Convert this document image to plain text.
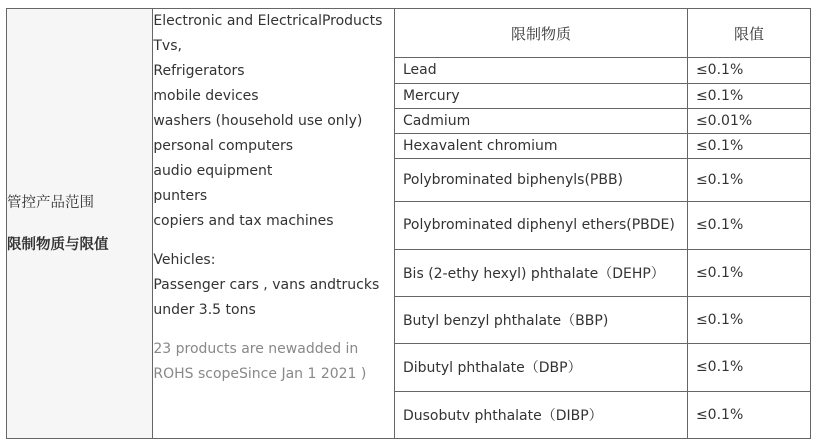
管控产品范围
限制物质与限值

Electronic and ElectricalProducts
Tvs,
Refrigerators
mobile devices
washers (household use only)
personal computers
audio equipment
punters
copiers and tax machines
Vehicles:
Passenger cars , vans andtrucks
under 3.5 tons
23 products are newadded in
ROHS scopeSince Jan 1 2021 )

限制物质	限值
Lead	≤0.1%
Mercury	≤0.1%
Cadmium	≤0.01%
Hexavalent chromium	≤0.1%
Polybrominated biphenyls(PBB)	≤0.1%
Polybrominated diphenyl ethers(PBDE)	≤0.1%
Bis (2-ethy hexyl) phthalate（DEHP）	≤0.1%
Butyl benzyl phthalate（BBP)	≤0.1%
Dibutyl phthalate（DBP）	≤0.1%
Dusobutv phthalate（DIBP）	≤0.1%
